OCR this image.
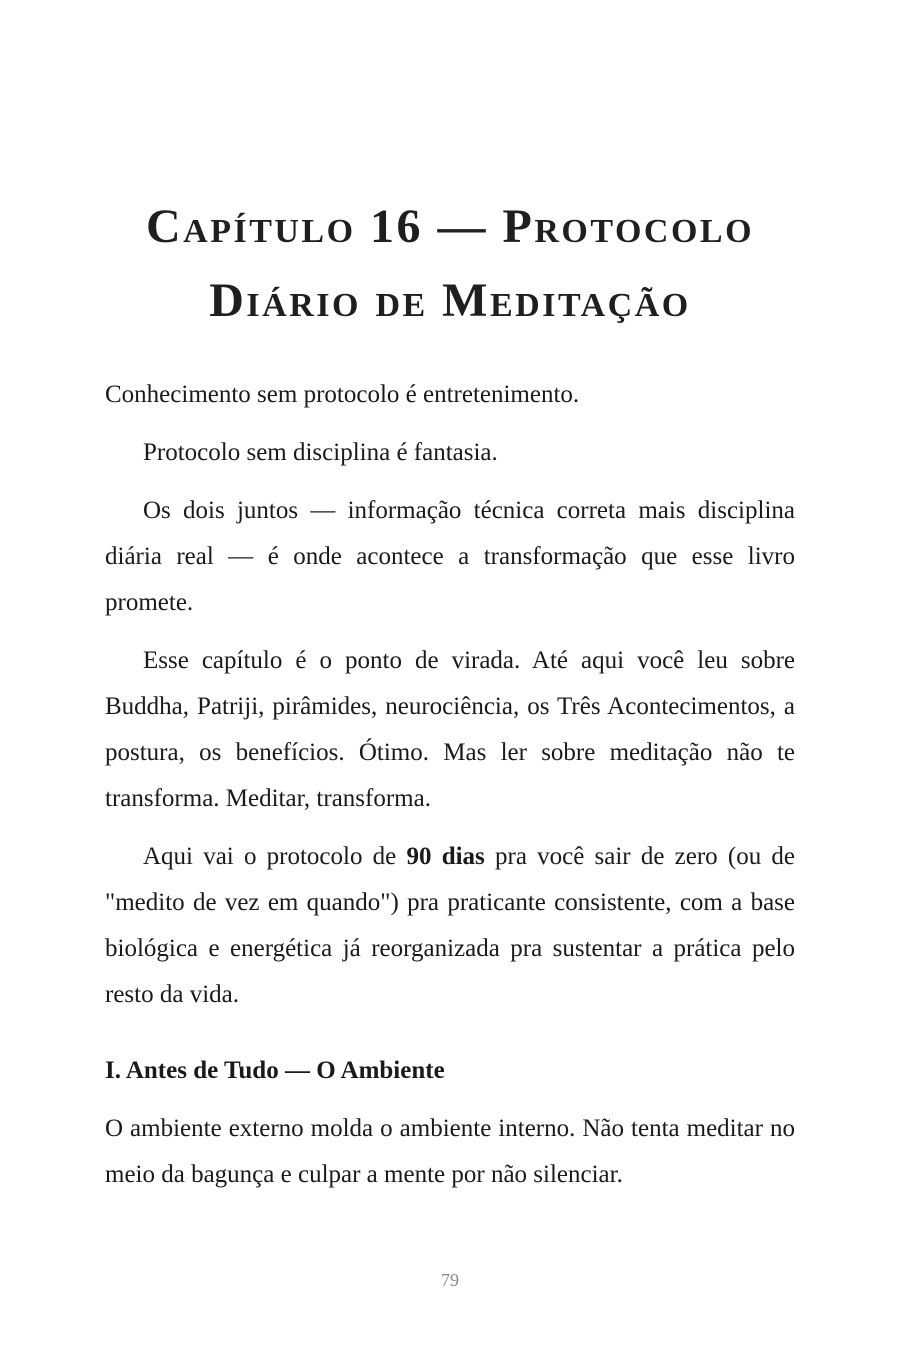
Capítulo 16 — Protocolo
Diário de Meditação

Conhecimento sem protocolo é entretenimento.

Protocolo sem disciplina é fantasia.

Os dois juntos — informação técnica correta mais disciplina diária real — é onde acontece a transformação que esse livro promete.

Esse capítulo é o ponto de virada. Até aqui você leu sobre Buddha, Patriji, pirâmides, neurociência, os Três Acontecimentos, a postura, os benefícios. Ótimo. Mas ler sobre meditação não te transforma. Meditar, transforma.

Aqui vai o protocolo de 90 dias pra você sair de zero (ou de "medito de vez em quando") pra praticante consistente, com a base biológica e energética já reorganizada pra sustentar a prática pelo resto da vida.

I. Antes de Tudo — O Ambiente

O ambiente externo molda o ambiente interno. Não tenta meditar no meio da bagunça e culpar a mente por não silenciar.

79
